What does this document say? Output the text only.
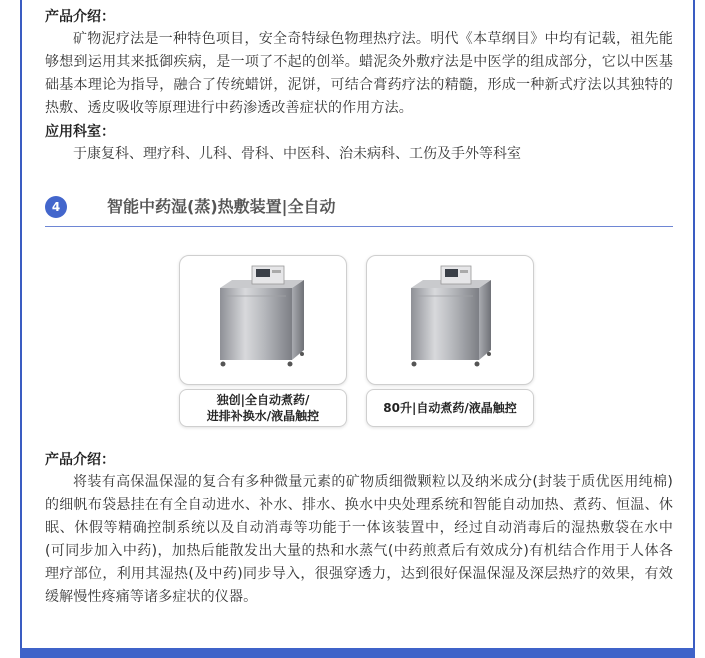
产品介绍：

矿物泥疗法是一种特色项目，安全奇特绿色物理热疗法。明代《本草纲目》中均有记载，祖先能够想到运用其来抵御疾病，是一项了不起的创举。蜡泥灸外敷疗法是中医学的组成部分，它以中医基础基本理论为指导，融合了传统蜡饼，泥饼，可结合膏药疗法的精髓，形成一种新式疗法以其独特的热敷、透皮吸收等原理进行中药渗透改善症状的作用方法。

应用科室：
于康复科、理疗科、儿科、骨科、中医科、治未病科、工伤及手外等科室
4	智能中药湿(蒸)热敷装置|全自动
独创|全自动煮药/
进排补换水/液晶触控
80升|自动煮药/液晶触控
产品介绍：

将装有高保温保湿的复合有多种微量元素的矿物质细微颗粒以及纳米成分(封装于质优医用纯棉)的细帆布袋悬挂在有全自动进水、补水、排水、换水中央处理系统和智能自动加热、煮药、恒温、休眠、休假等精确控制系统以及自动消毒等功能于一体该装置中，经过自动消毒后的湿热敷袋在水中(可同步加入中药)，加热后能散发出大量的热和水蒸气(中药煎煮后有效成分)有机结合作用于人体各理疗部位，利用其湿热(及中药)同步导入，很强穿透力，达到很好保温保湿及深层热疗的效果，有效缓解慢性疼痛等诸多症状的仪器。
